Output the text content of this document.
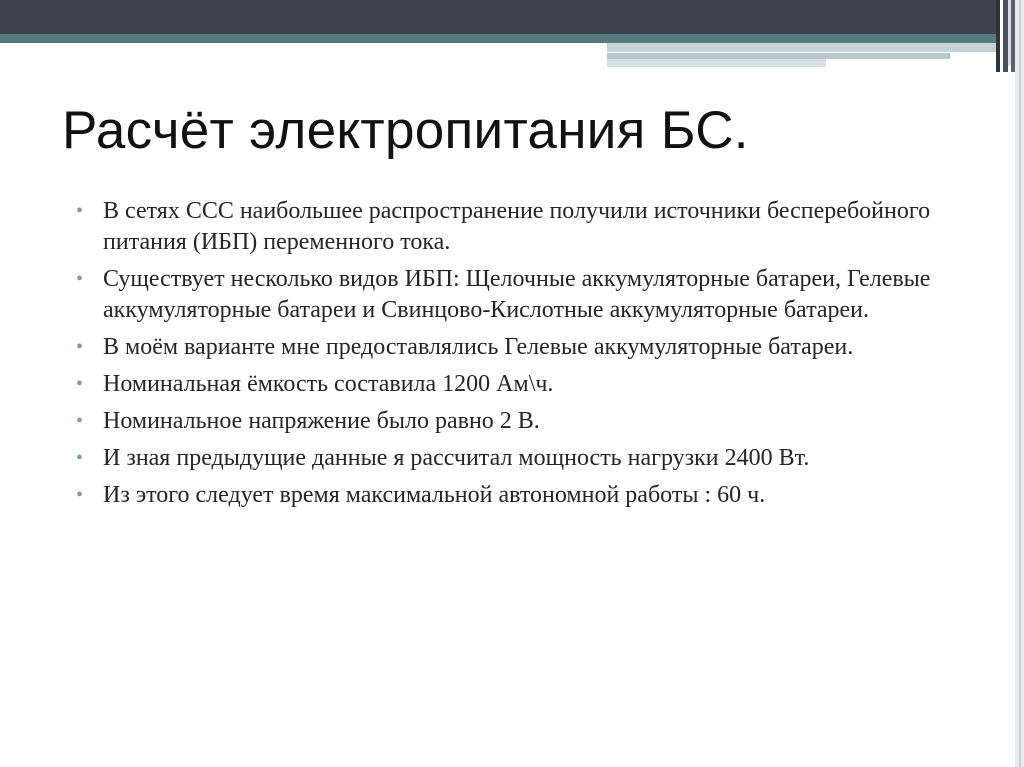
Расчёт электропитания БС.
• В сетях ССС наибольшее распространение получили источники бесперебойного питания (ИБП) переменного тока.
• Существует несколько видов ИБП: Щелочные аккумуляторные батареи, Гелевые аккумуляторные батареи и Свинцово-Кислотные аккумуляторные батареи.
• В моём варианте мне предоставлялись Гелевые аккумуляторные батареи.
• Номинальная ёмкость составила 1200 Ам\ч.
• Номинальное напряжение было равно 2 В.
• И зная предыдущие данные я рассчитал мощность нагрузки 2400 Вт.
• Из этого следует время максимальной автономной работы : 60 ч.
